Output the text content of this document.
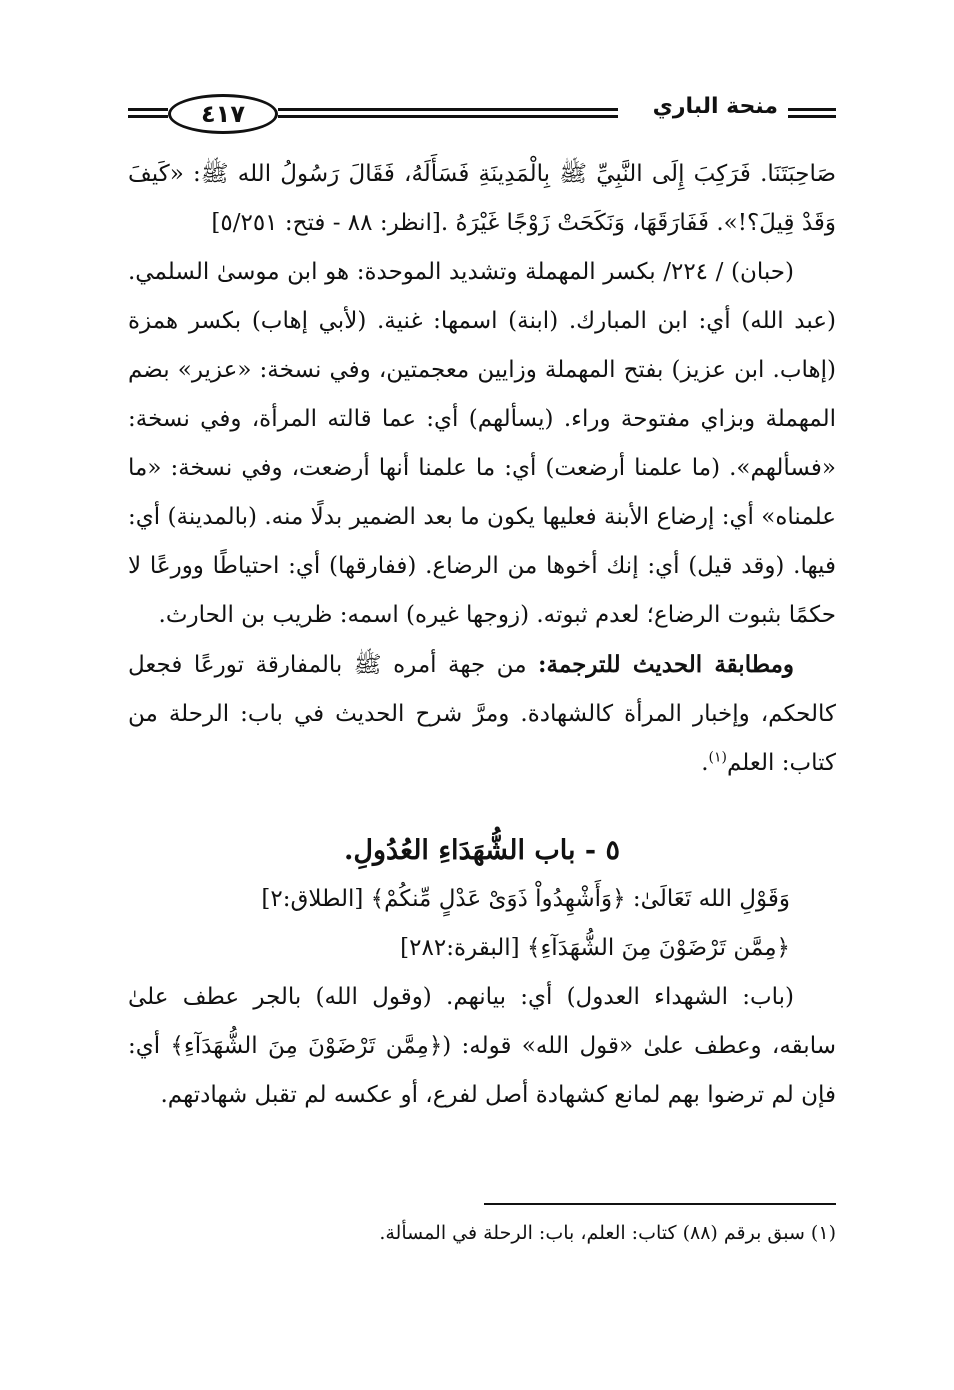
٤١٧	منحة الباري

صَاحِبَتَنَا. فَرَكِبَ إِلَى النَّبِيِّ ﷺ بِالْمَدِينَةِ فَسَأَلَهُ، فَقَالَ رَسُولُ الله ﷺ: «كَيفَ وَقَدْ قِيلَ؟!». فَفَارَقَهَا، وَنَكَحَتْ زَوْجًا غَيْرَهُ .[انظر: ٨٨ - فتح: ٥/٢٥١]

(حبان) / ٢٢٤/ بكسر المهملة وتشديد الموحدة: هو ابن موسىٰ السلمي. (عبد الله) أي: ابن المبارك. (ابنة) اسمها: غنية. (لأبي إهاب) بكسر همزة (إهاب. ابن عزيز) بفتح المهملة وزايين معجمتين، وفي نسخة: «عزير» بضم المهملة وبزاي مفتوحة وراء. (يسألهم) أي: عما قالته المرأة، وفي نسخة: «فسألهم». (ما علمنا أرضعت) أي: ما علمنا أنها أرضعت، وفي نسخة: «ما علمناه» أي: إرضاع الأبنة فعليها يكون ما بعد الضمير بدلًا منه. (بالمدينة) أي: فيها. (وقد قيل) أي: إنك أخوها من الرضاع. (ففارقها) أي: احتياطًا وورعًا لا حكمًا بثبوت الرضاع؛ لعدم ثبوته. (زوجها غيره) اسمه: ظريب بن الحارث.

ومطابقة الحديث للترجمة: من جهة أمره ﷺ بالمفارقة تورعًا فجعل كالحكم، وإخبار المرأة كالشهادة. ومرَّ شرح الحديث في باب: الرحلة من كتاب: العلم$^{(١)}$.

٥ - باب الشُّهَدَاءِ العُدُولِ.

وَقَوْلِ الله تَعَالَىٰ: ﴿وَأَشْهِدُواْ ذَوَىْ عَدْلٍ مِّنكُمْ﴾ [الطلاق:٢]

﴿مِمَّن تَرْضَوْنَ مِنَ الشُّهَدَآءِ﴾ [البقرة:٢٨٢]

(باب: الشهداء العدول) أي: بيانهم. (وقول الله) بالجر عطف علىٰ سابقه، وعطف علىٰ «قول الله» قوله: (﴿مِمَّن تَرْضَوْنَ مِنَ الشُّهَدَآءِ﴾ أي: فإن لم ترضوا بهم لمانع كشهادة أصل لفرع، أو عكسه لم تقبل شهادتهم.

(١) سبق برقم (٨٨) كتاب: العلم، باب: الرحلة في المسألة.
